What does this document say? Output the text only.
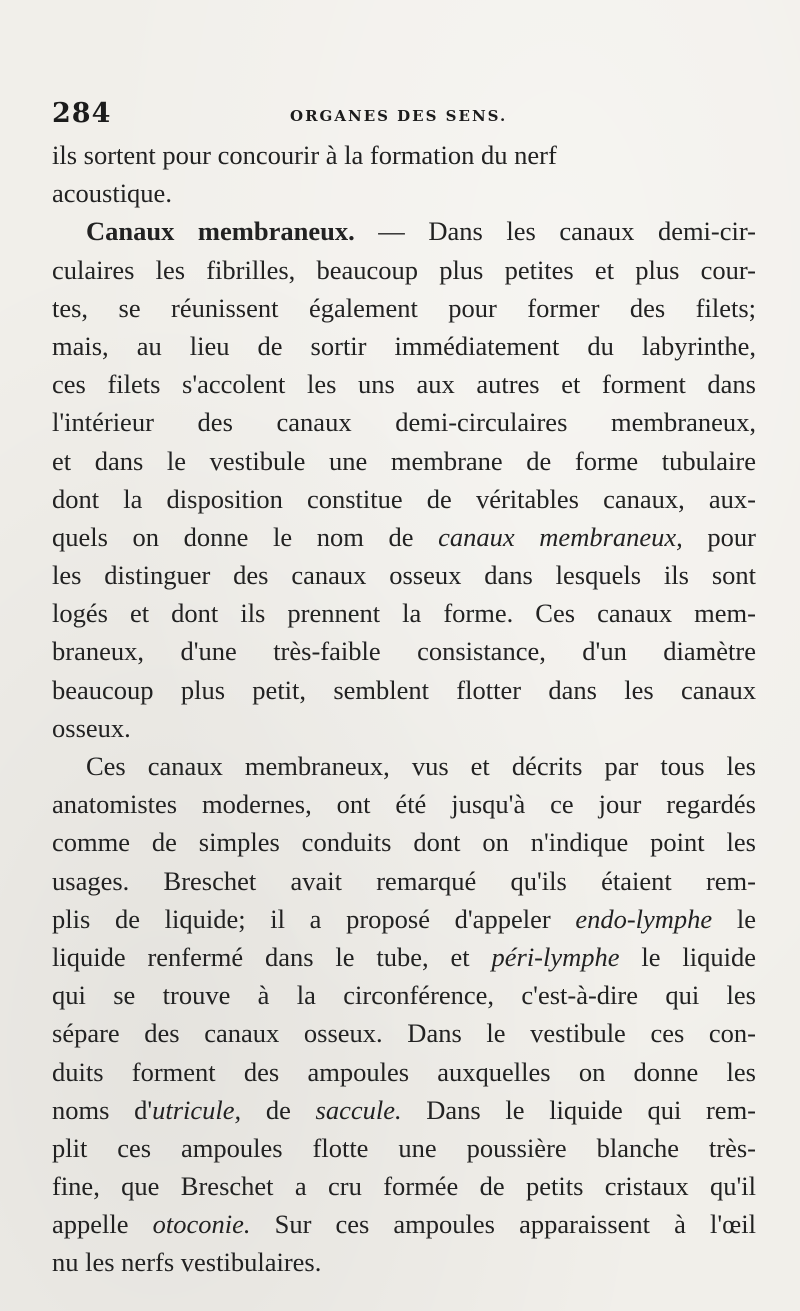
284	ORGANES DES SENS.
ils sortent pour concourir à la formation du nerf
acoustique.
Canaux membraneux. — Dans les canaux demi-cir-
culaires les fibrilles, beaucoup plus petites et plus cour-
tes, se réunissent également pour former des filets;
mais, au lieu de sortir immédiatement du labyrinthe,
ces filets s'accolent les uns aux autres et forment dans
l'intérieur des canaux demi-circulaires membraneux,
et dans le vestibule une membrane de forme tubulaire
dont la disposition constitue de véritables canaux, aux-
quels on donne le nom de canaux membraneux, pour
les distinguer des canaux osseux dans lesquels ils sont
logés et dont ils prennent la forme. Ces canaux mem-
braneux, d'une très-faible consistance, d'un diamètre
beaucoup plus petit, semblent flotter dans les canaux
osseux.
Ces canaux membraneux, vus et décrits par tous les
anatomistes modernes, ont été jusqu'à ce jour regardés
comme de simples conduits dont on n'indique point les
usages. Breschet avait remarqué qu'ils étaient rem-
plis de liquide; il a proposé d'appeler endo-lymphe le
liquide renfermé dans le tube, et péri-lymphe le liquide
qui se trouve à la circonférence, c'est-à-dire qui les
sépare des canaux osseux. Dans le vestibule ces con-
duits forment des ampoules auxquelles on donne les
noms d'utricule, de saccule. Dans le liquide qui rem-
plit ces ampoules flotte une poussière blanche très-
fine, que Breschet a cru formée de petits cristaux qu'il
appelle otoconie. Sur ces ampoules apparaissent à l'œil
nu les nerfs vestibulaires.
